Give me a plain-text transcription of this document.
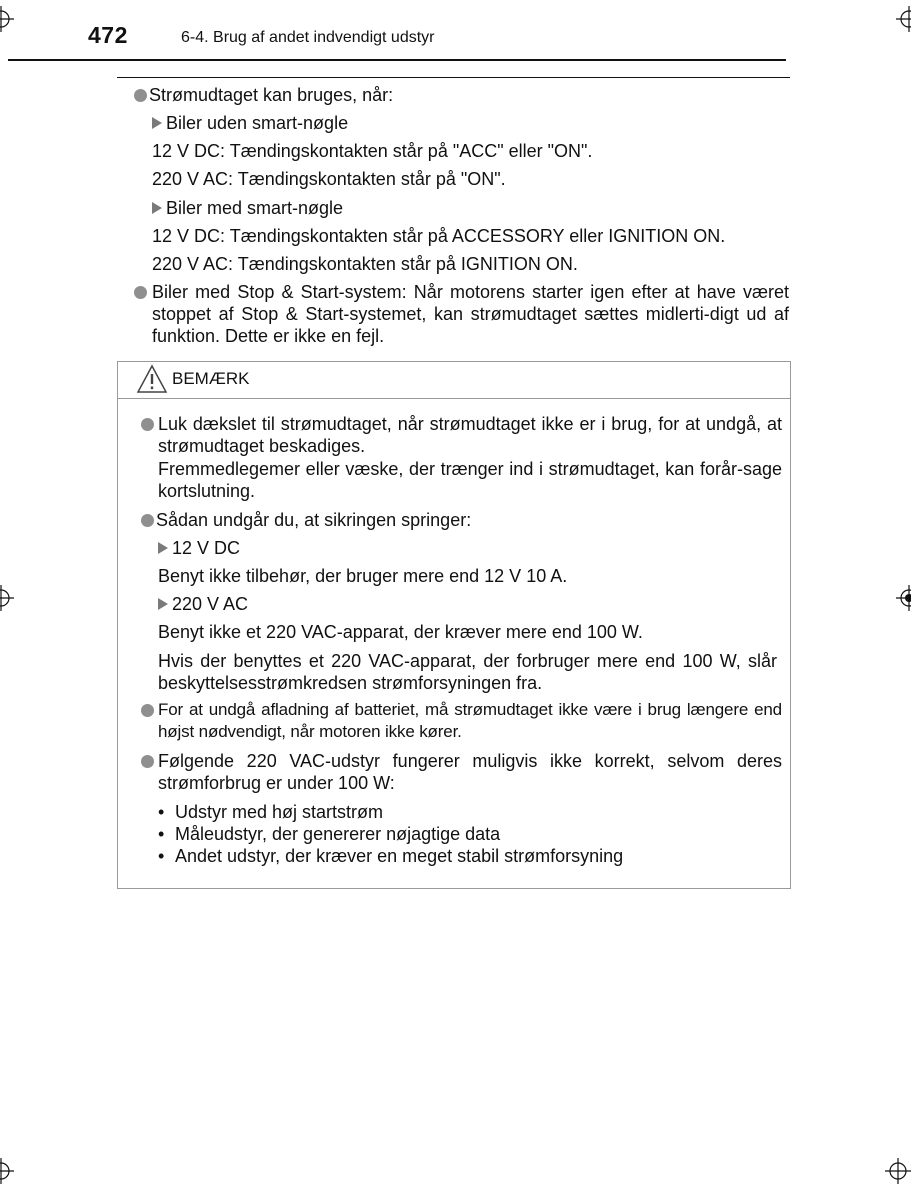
472	6-4. Brug af andet indvendigt udstyr
Strømudtaget kan bruges, når:
Biler uden smart-nøgle
12 V DC: Tændingskontakten står på "ACC" eller "ON".
220 V AC: Tændingskontakten står på "ON".
Biler med smart-nøgle
12 V DC: Tændingskontakten står på ACCESSORY eller IGNITION ON.
220 V AC: Tændingskontakten står på IGNITION ON.
Biler med Stop & Start-system: Når motorens starter igen efter at have været stoppet af Stop & Start-systemet, kan strømudtaget sættes midlerti-digt ud af funktion. Dette er ikke en fejl.
BEMÆRK
Luk dækslet til strømudtaget, når strømudtaget ikke er i brug, for at undgå, at strømudtaget beskadiges.
Fremmedlegemer eller væske, der trænger ind i strømudtaget, kan forår-sage kortslutning.
Sådan undgår du, at sikringen springer:
12 V DC
Benyt ikke tilbehør, der bruger mere end 12 V 10 A.
220 V AC
Benyt ikke et 220 VAC-apparat, der kræver mere end 100 W.
Hvis der benyttes et 220 VAC-apparat, der forbruger mere end 100 W, slår beskyttelsesstrømkredsen strømforsyningen fra.
For at undgå afladning af batteriet, må strømudtaget ikke være i brug længere end højst nødvendigt, når motoren ikke kører.
Følgende 220 VAC-udstyr fungerer muligvis ikke korrekt, selvom deres strømforbrug er under 100 W:
• Udstyr med høj startstrøm
• Måleudstyr, der genererer nøjagtige data
• Andet udstyr, der kræver en meget stabil strømforsyning
